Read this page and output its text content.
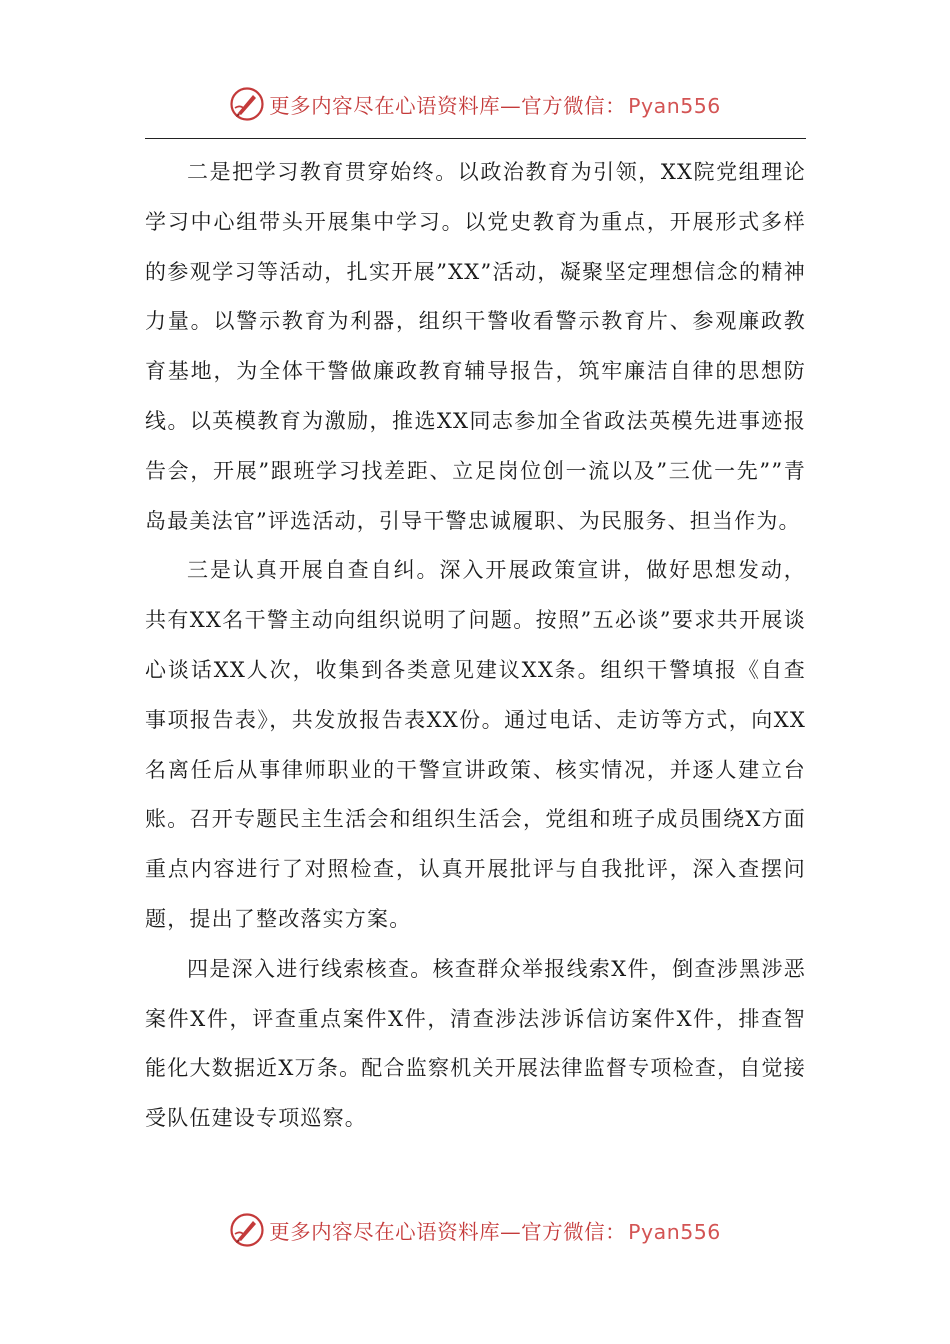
更多内容尽在心语资料库—官方微信：Pyan556

二是把学习教育贯穿始终。以政治教育为引领，XX院党组理论学习中心组带头开展集中学习。以党史教育为重点，开展形式多样的参观学习等活动，扎实开展”XX”活动，凝聚坚定理想信念的精神力量。以警示教育为利器，组织干警收看警示教育片、参观廉政教育基地，为全体干警做廉政教育辅导报告，筑牢廉洁自律的思想防线。以英模教育为激励，推选XX同志参加全省政法英模先进事迹报告会，开展”跟班学习找差距、立足岗位创一流以及”三优一先””青岛最美法官”评选活动，引导干警忠诚履职、为民服务、担当作为。

三是认真开展自查自纠。深入开展政策宣讲，做好思想发动，共有XX名干警主动向组织说明了问题。按照”五必谈”要求共开展谈心谈话XX人次，收集到各类意见建议XX条。组织干警填报《自查事项报告表》，共发放报告表XX份。通过电话、走访等方式，向XX名离任后从事律师职业的干警宣讲政策、核实情况，并逐人建立台账。召开专题民主生活会和组织生活会，党组和班子成员围绕X方面重点内容进行了对照检查，认真开展批评与自我批评，深入查摆问题，提出了整改落实方案。

四是深入进行线索核查。核查群众举报线索X件，倒查涉黑涉恶案件X件，评查重点案件X件，清查涉法涉诉信访案件X件，排查智能化大数据近X万条。配合监察机关开展法律监督专项检查，自觉接受队伍建设专项巡察。

更多内容尽在心语资料库—官方微信：Pyan556
